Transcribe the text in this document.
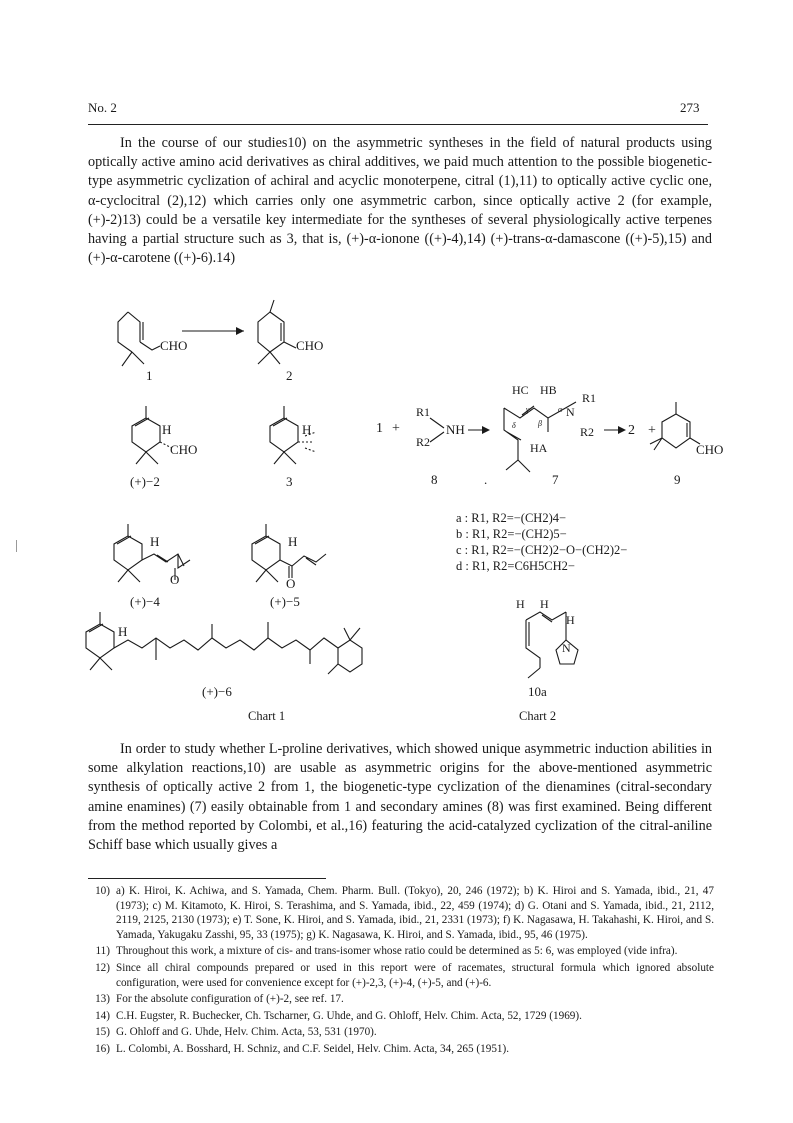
No. 2	273

In the course of our studies10) on the asymmetric syntheses in the field of natural products using optically active amino acid derivatives as chiral additives, we paid much attention to the possible biogenetic-type asymmetric cyclization of achiral and acyclic monoterpene, citral (1),11) to optically active cyclic one, α-cyclocitral (2),12) which carries only one asymmetric carbon, since optically active 2 (for example, (+)-2)13) could be a versatile key intermediate for the syntheses of several physiologically active terpenes having a partial structure such as 3, that is, (+)-α-ionone ((+)-4),14) (+)-trans-α-damascone ((+)-5),15) and (+)-α-carotene ((+)-6).14)

CHO	CHO
1	2
H
CHO
(+)−2
H
3
H
O
(+)−4
H
O
(+)−5
H
(+)−6
Chart 1
1 +
R1
R2
NH
HC HB
R1
N
R2
HA
α
β
γ
δ	2 +
CHO
8	.	7	9
a : R1, R2=−(CH2)4−
b : R1, R2=−(CH2)5−
c : R1, R2=−(CH2)2−O−(CH2)2−
d : R1, R2=C6H5CH2−
H H
H
N
10a
Chart 2

In order to study whether L-proline derivatives, which showed unique asymmetric induction abilities in some alkylation reactions,10) are usable as asymmetric origins for the above-mentioned asymmetric synthesis of optically active 2 from 1, the biogenetic-type cyclization of the dienamines (citral-secondary amine enamines) (7) easily obtainable from 1 and secondary amines (8) was first examined. Being different from the method reported by Colombi, et al.,16) featuring the acid-catalyzed cyclization of the citral-aniline Schiff base which usually gives a

10) a) K. Hiroi, K. Achiwa, and S. Yamada, Chem. Pharm. Bull. (Tokyo), 20, 246 (1972); b) K. Hiroi and S. Yamada, ibid., 21, 47 (1973); c) M. Kitamoto, K. Hiroi, S. Terashima, and S. Yamada, ibid., 22, 459 (1974); d) G. Otani and S. Yamada, ibid., 21, 2112, 2119, 2125, 2130 (1973); e) T. Sone, K. Hiroi, and S. Yamada, ibid., 21, 2331 (1973); f) K. Nagasawa, H. Takahashi, K. Hiroi, and S. Yamada, Yakugaku Zasshi, 95, 33 (1975); g) K. Nagasawa, K. Hiroi, and S. Yamada, ibid., 95, 46 (1975).
11) Throughout this work, a mixture of cis- and trans-isomer whose ratio could be determined as 5: 6, was employed (vide infra).
12) Since all chiral compounds prepared or used in this report were of racemates, structural formula which ignored absolute configuration, were used for convenience except for (+)-2,3, (+)-4, (+)-5, and (+)-6.
13) For the absolute configuration of (+)-2, see ref. 17.
14) C.H. Eugster, R. Buchecker, Ch. Tscharner, G. Uhde, and G. Ohloff, Helv. Chim. Acta, 52, 1729 (1969).
15) G. Ohloff and G. Uhde, Helv. Chim. Acta, 53, 531 (1970).
16) L. Colombi, A. Bosshard, H. Schniz, and C.F. Seidel, Helv. Chim. Acta, 34, 265 (1951).
